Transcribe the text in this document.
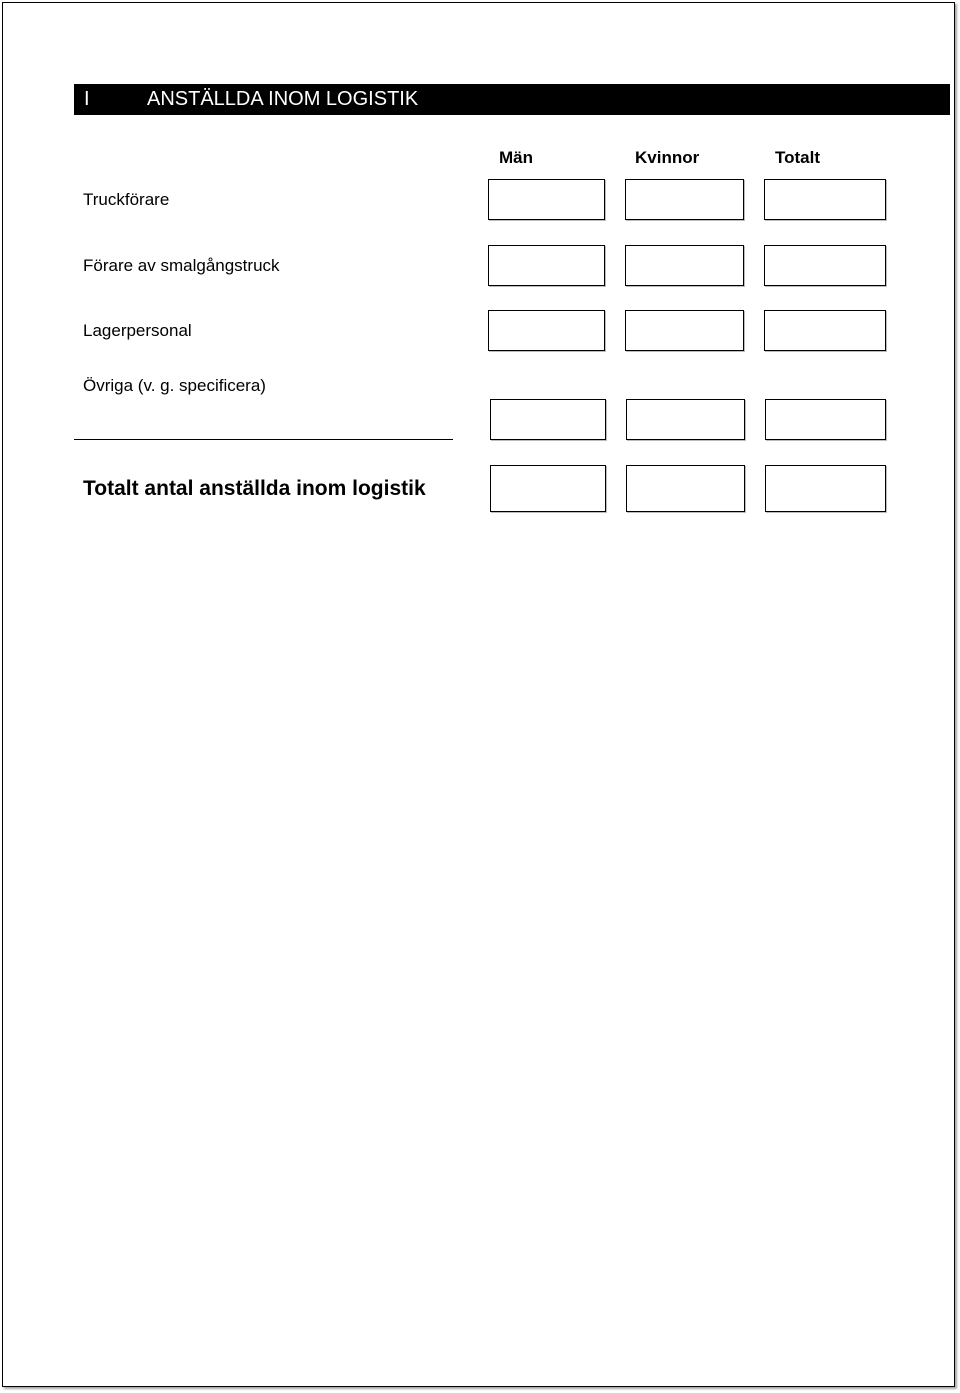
I	ANSTÄLLDA INOM LOGISTIK
Män	Kvinnor	Totalt
Truckförare
Förare av smalgångstruck
Lagerpersonal
Övriga (v. g. specificera)
Totalt antal anställda inom logistik
